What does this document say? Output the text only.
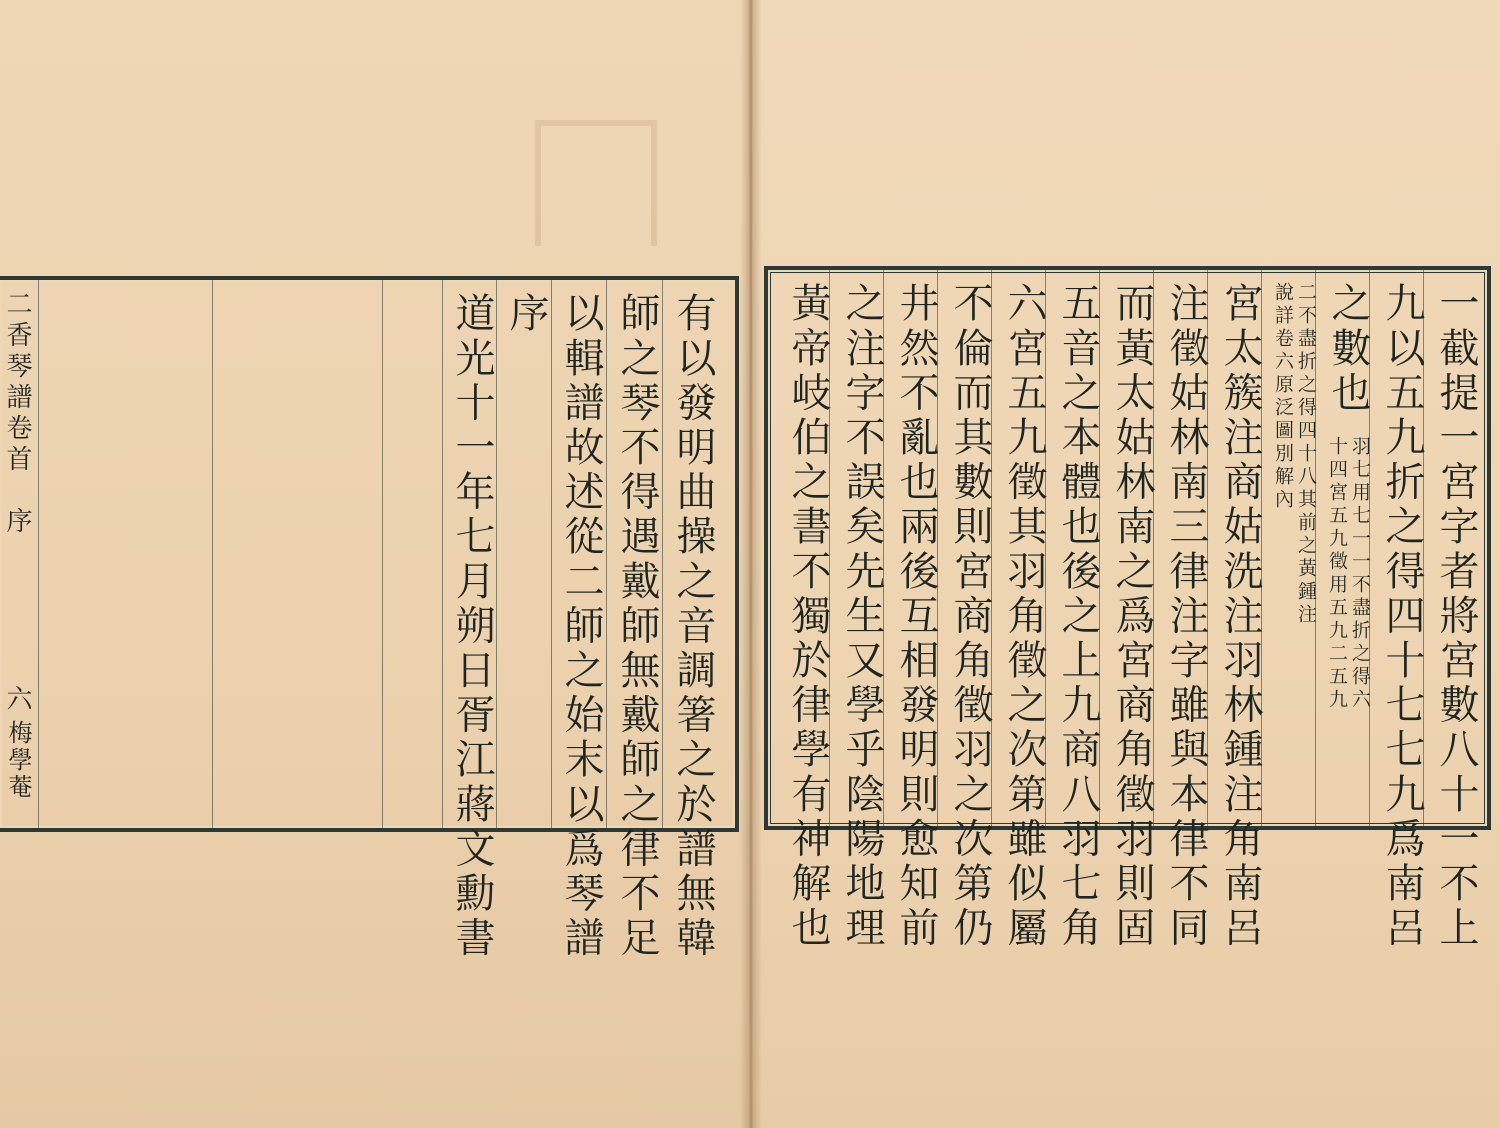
二香琴譜卷首　序
六
梅學菴	有以發明曲操之音調箸之於譜無韓
師之琴不得遇戴師無戴師之律不足
以輯譜故述從二師之始末以爲琴譜
序
道光十一年七月朔日胥江蔣文勳書	一截提一宮字者將宮數八十一不上
九以五九折之得四十七七九爲南呂
之數也
羽七用七一一不盡折之得六
十四宮五九徵用五九二五九
二不盡折之得四十八其前之黃鍾注
說詳卷六原泛圖別解內
宮太簇注商姑洗注羽林鍾注角南呂
注徵姑林南三律注字雖與本律不同
而黃太姑林南之爲宮商角徵羽則固
五音之本體也後之上九商八羽七角
六宮五九徵其羽角徵之次第雖似屬
不倫而其數則宮商角徵羽之次第仍
井然不亂也兩後互相發明則愈知前
之注字不誤矣先生又學乎陰陽地理
黃帝岐伯之書不獨於律學有神解也
